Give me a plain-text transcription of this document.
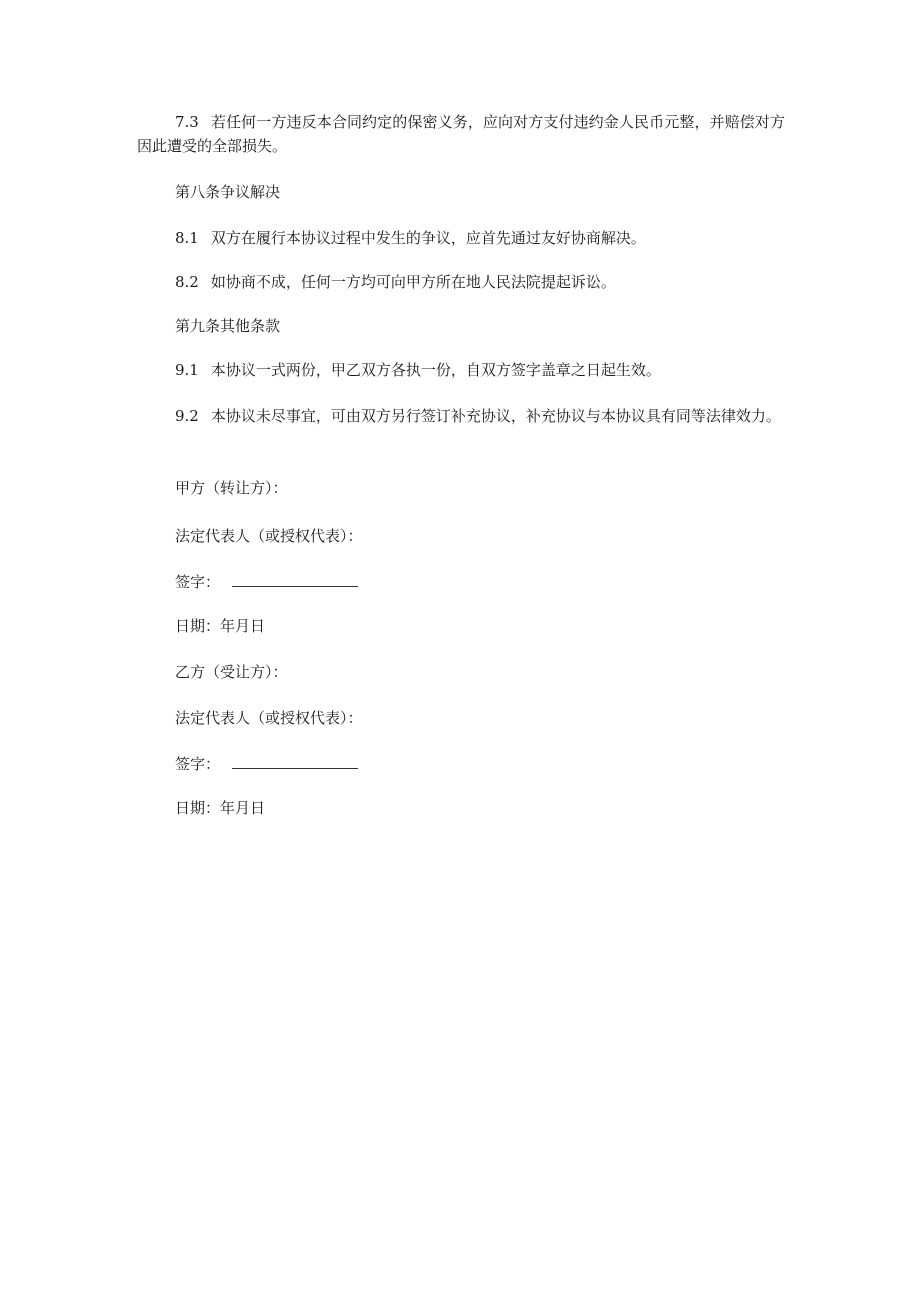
7.3 若任何一方违反本合同约定的保密义务，应向对方支付违约金人民币元整，并赔偿对方因此遭受的全部损失。

第八条争议解决

8.1 双方在履行本协议过程中发生的争议，应首先通过友好协商解决。

8.2 如协商不成，任何一方均可向甲方所在地人民法院提起诉讼。

第九条其他条款

9.1 本协议一式两份，甲乙双方各执一份，自双方签字盖章之日起生效。

9.2 本协议未尽事宜，可由双方另行签订补充协议，补充协议与本协议具有同等法律效力。

甲方（转让方）：

法定代表人（或授权代表）：

签字：

日期：年月日

乙方（受让方）：

法定代表人（或授权代表）：

签字：

日期：年月日
